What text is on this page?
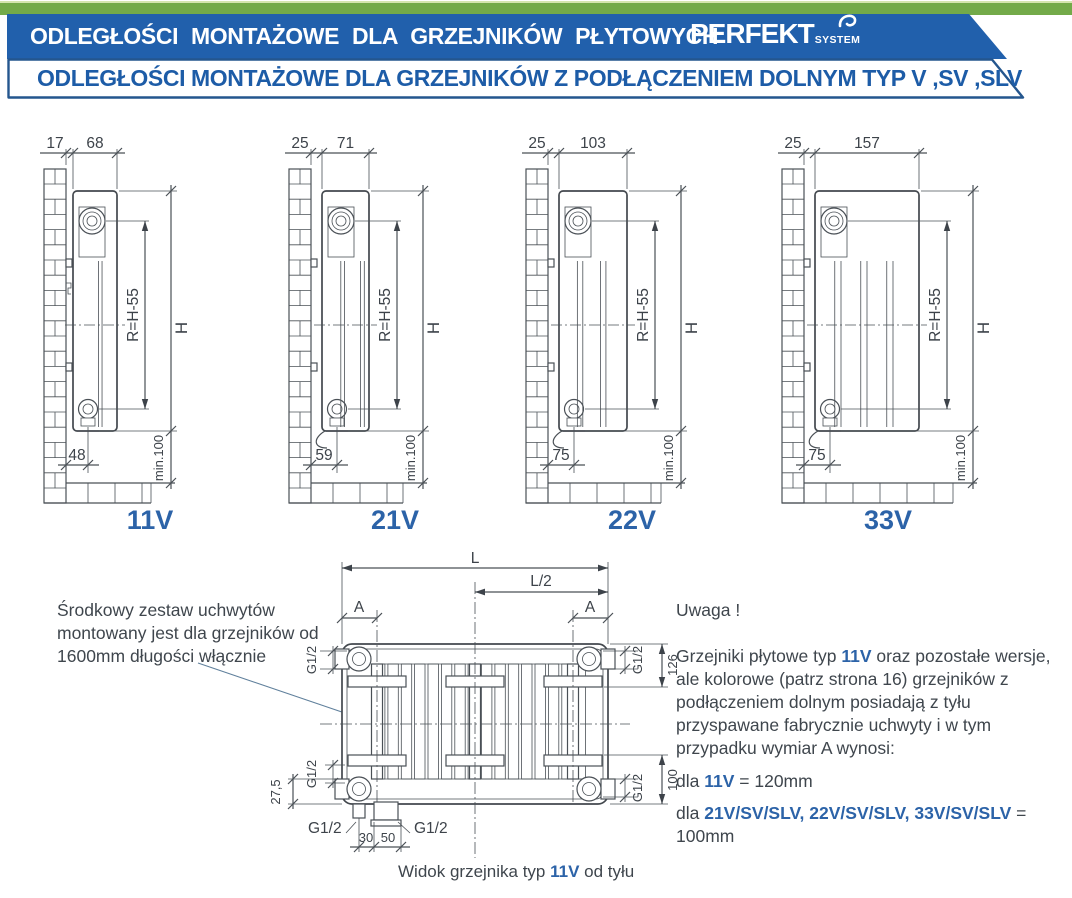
ODLEGŁOŚCI MONTAŻOWE DLA GRZEJNIKÓW PŁYTOWYCH
PERFEKT SYSTEM
ODLEGŁOŚCI MONTAŻOWE DLA GRZEJNIKÓW Z PODŁĄCZENIEM DOLNYM TYP V ,SV ,SLV
17 68
R=H-55 H
min.100
48
25 71
R=H-55 H
min.100
59
25 103
R=H-55 H
min.100
75
25	157
R=H-55 H
min.100
75
11V	21V	22V	33V
Środkowy zestaw uchwytów montowany jest dla grzejników od 1600mm długości włącznie
L
L/2
A	A
G1/2	G1/2 126
G1/2 100
G1/2
27,5
30 50
G1/2	G1/2
Widok grzejnika typ 11V od tyłu
Uwaga !
Grzejniki płytowe typ 11V oraz pozostałe wersje, ale kolorowe (patrz strona 16) grzejników z podłączeniem dolnym posiadają z tyłu przyspawane fabrycznie uchwyty i w tym przypadku wymiar A wynosi:
dla 11V = 120mm
dla 21V/SV/SLV, 22V/SV/SLV, 33V/SV/SLV = 100mm
